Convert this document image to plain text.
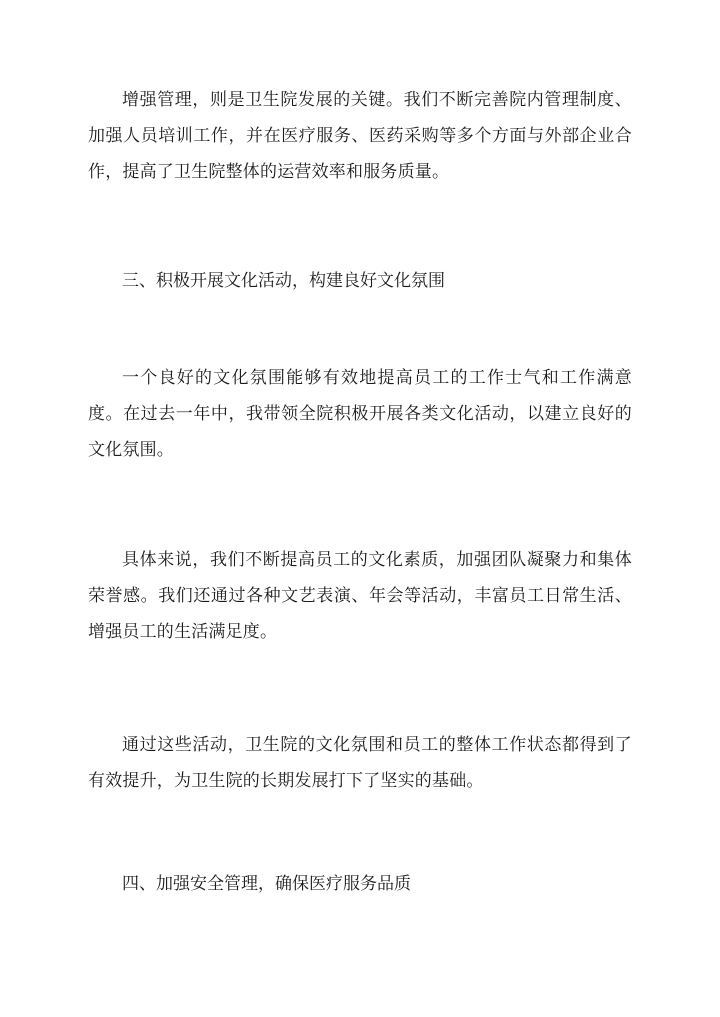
增强管理，则是卫生院发展的关键。我们不断完善院内管理制度、加强人员培训工作，并在医疗服务、医药采购等多个方面与外部企业合作，提高了卫生院整体的运营效率和服务质量。

三、积极开展文化活动，构建良好文化氛围

一个良好的文化氛围能够有效地提高员工的工作士气和工作满意度。在过去一年中，我带领全院积极开展各类文化活动，以建立良好的文化氛围。

具体来说，我们不断提高员工的文化素质，加强团队凝聚力和集体荣誉感。我们还通过各种文艺表演、年会等活动，丰富员工日常生活、增强员工的生活满足度。

通过这些活动，卫生院的文化氛围和员工的整体工作状态都得到了有效提升，为卫生院的长期发展打下了坚实的基础。

四、加强安全管理，确保医疗服务品质
